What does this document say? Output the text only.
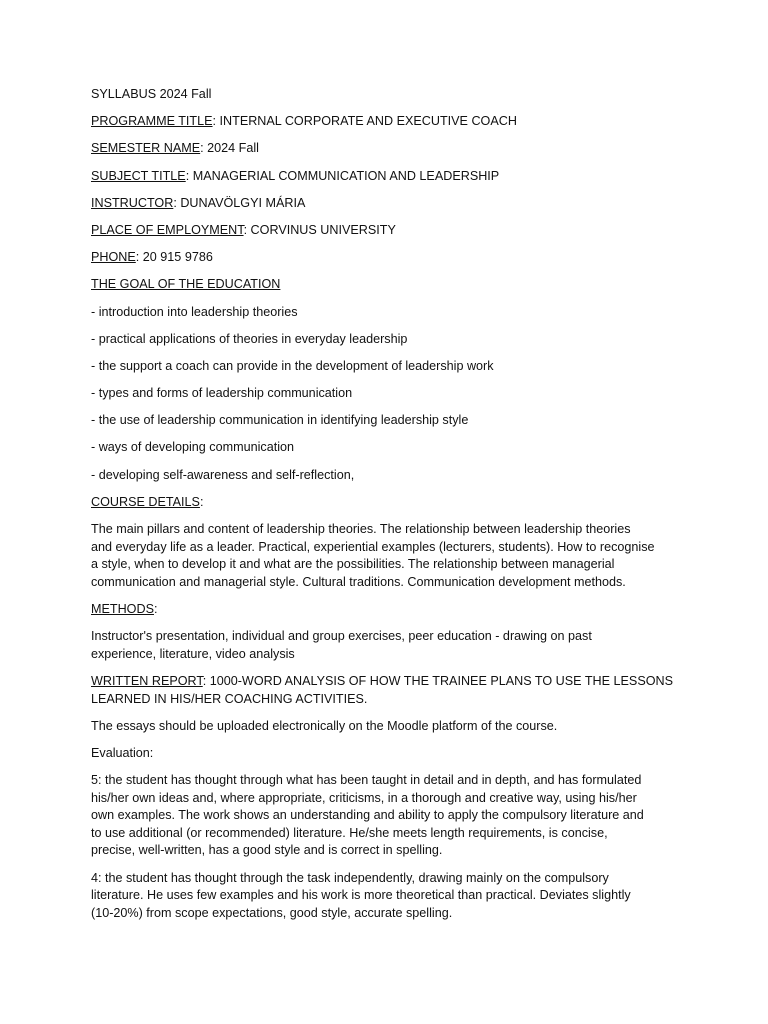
SYLLABUS 2024 Fall

PROGRAMME TITLE: INTERNAL CORPORATE AND EXECUTIVE COACH

SEMESTER NAME: 2024 Fall

SUBJECT TITLE: MANAGERIAL COMMUNICATION AND LEADERSHIP

INSTRUCTOR: DUNAVÖLGYI MÁRIA

PLACE OF EMPLOYMENT: CORVINUS UNIVERSITY

PHONE: 20 915 9786

THE GOAL OF THE EDUCATION

- introduction into leadership theories

- practical applications of theories in everyday leadership

- the support a coach can provide in the development of leadership work

- types and forms of leadership communication

- the use of leadership communication in identifying leadership style

- ways of developing communication

- developing self-awareness and self-reflection,

COURSE DETAILS:

The main pillars and content of leadership theories. The relationship between leadership theories
and everyday life as a leader. Practical, experiential examples (lecturers, students). How to recognise
a style, when to develop it and what are the possibilities. The relationship between managerial
communication and managerial style. Cultural traditions. Communication development methods.

METHODS:

Instructor's presentation, individual and group exercises, peer education - drawing on past
experience, literature, video analysis

WRITTEN REPORT: 1000-WORD ANALYSIS OF HOW THE TRAINEE PLANS TO USE THE LESSONS
LEARNED IN HIS/HER COACHING ACTIVITIES.

The essays should be uploaded electronically on the Moodle platform of the course.

Evaluation:

5: the student has thought through what has been taught in detail and in depth, and has formulated
his/her own ideas and, where appropriate, criticisms, in a thorough and creative way, using his/her
own examples. The work shows an understanding and ability to apply the compulsory literature and
to use additional (or recommended) literature. He/she meets length requirements, is concise,
precise, well-written, has a good style and is correct in spelling.

4: the student has thought through the task independently, drawing mainly on the compulsory
literature. He uses few examples and his work is more theoretical than practical. Deviates slightly
(10-20%) from scope expectations, good style, accurate spelling.
